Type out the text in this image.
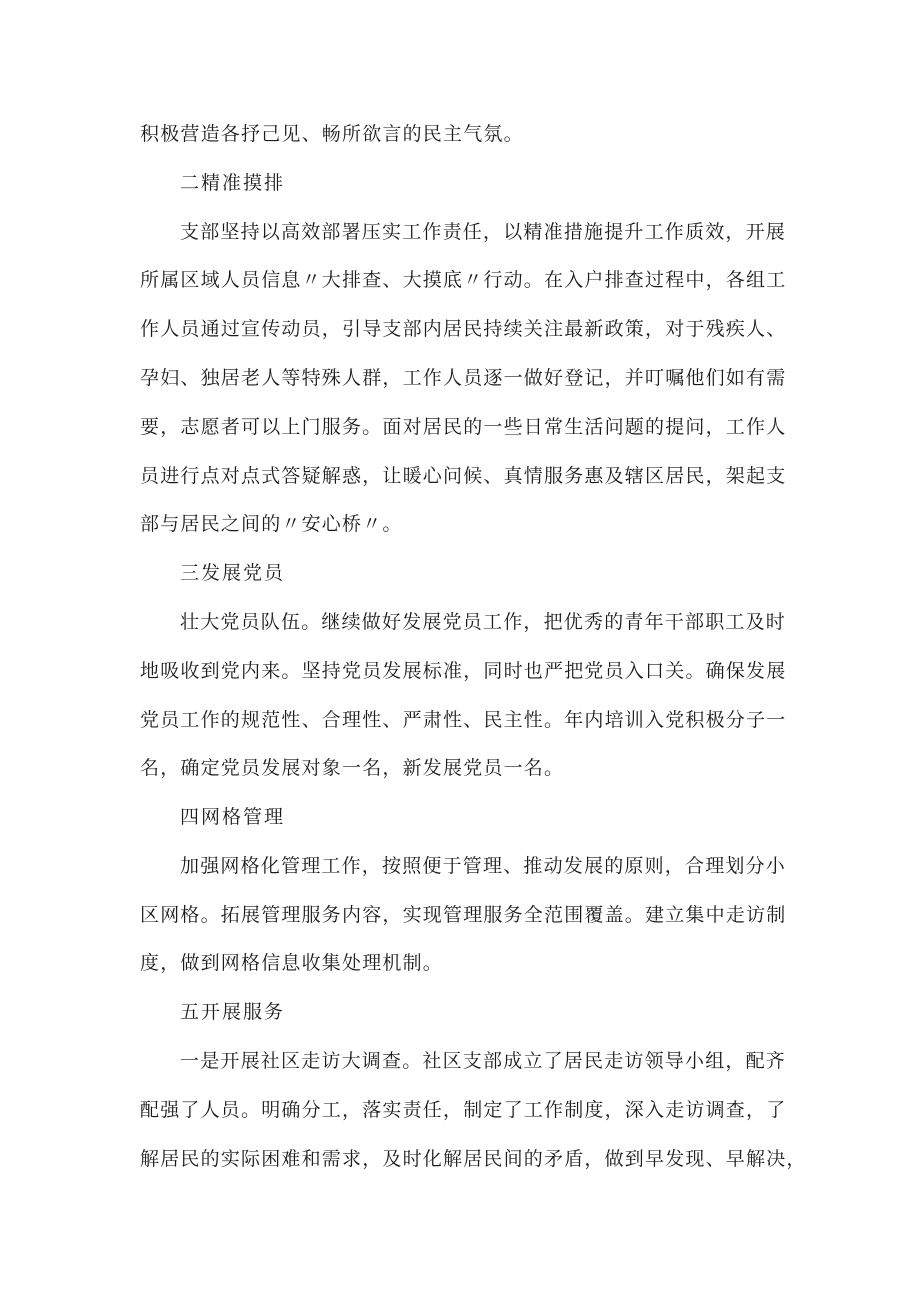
积极营造各抒己见、畅所欲言的民主气氛。
二精准摸排
支部坚持以高效部署压实工作责任，以精准措施提升工作质效，开展
所属区域人员信息〃大排查、大摸底〃行动。在入户排查过程中，各组工
作人员通过宣传动员，引导支部内居民持续关注最新政策，对于残疾人、
孕妇、独居老人等特殊人群，工作人员逐一做好登记，并叮嘱他们如有需
要，志愿者可以上门服务。面对居民的一些日常生活问题的提问，工作人
员进行点对点式答疑解惑，让暖心问候、真情服务惠及辖区居民，架起支
部与居民之间的〃安心桥〃。
三发展党员
壮大党员队伍。继续做好发展党员工作，把优秀的青年干部职工及时
地吸收到党内来。坚持党员发展标准，同时也严把党员入口关。确保发展
党员工作的规范性、合理性、严肃性、民主性。年内培训入党积极分子一
名，确定党员发展对象一名，新发展党员一名。
四网格管理
加强网格化管理工作，按照便于管理、推动发展的原则，合理划分小
区网格。拓展管理服务内容，实现管理服务全范围覆盖。建立集中走访制
度，做到网格信息收集处理机制。
五开展服务
一是开展社区走访大调查。社区支部成立了居民走访领导小组，配齐
配强了人员。明确分工，落实责任，制定了工作制度，深入走访调查，了
解居民的实际困难和需求，及时化解居民间的矛盾，做到早发现、早解决，
